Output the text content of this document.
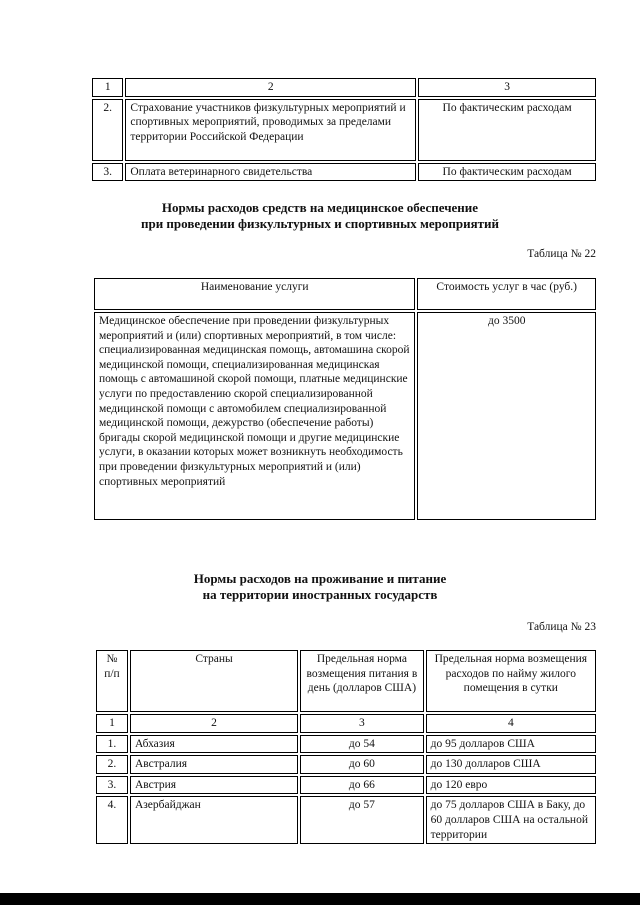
1	2	3
2.	Страхование участников физкультурных мероприятий и спортивных мероприятий, проводимых за пределами территории Российской Федерации	По фактическим расходам
3.	Оплата ветеринарного свидетельства	По фактическим расходам
Нормы расходов средств на медицинское обеспечение
при проведении физкультурных и спортивных мероприятий
Таблица № 22
Наименование услуги	Стоимость услуг в час (руб.)
Медицинское обеспечение при проведении физкультурных мероприятий и (или) спортивных мероприятий, в том числе: специализированная медицинская помощь, автомашина скорой медицинской помощи, специализированная медицинская помощь с автомашиной скорой помощи, платные медицинские услуги по предоставлению скорой специализированной медицинской помощи с автомобилем специализированной медицинской помощи, дежурство (обеспечение работы) бригады скорой медицинской помощи и другие медицинские услуги, в оказании которых может возникнуть необходимость при проведении физкультурных мероприятий и (или) спортивных мероприятий	до 3500
Нормы расходов на проживание и питание
на территории иностранных государств
Таблица № 23
№ п/п	Страны	Предельная норма возмещения питания в день (долларов США)	Предельная норма возмещения расходов по найму жилого помещения в сутки
1	2	3	4
1.	Абхазия	до 54	до 95 долларов США
2.	Австралия	до 60	до 130 долларов США
3.	Австрия	до 66	до 120 евро
4.	Азербайджан	до 57	до 75 долларов США в Баку, до 60 долларов США на остальной территории
